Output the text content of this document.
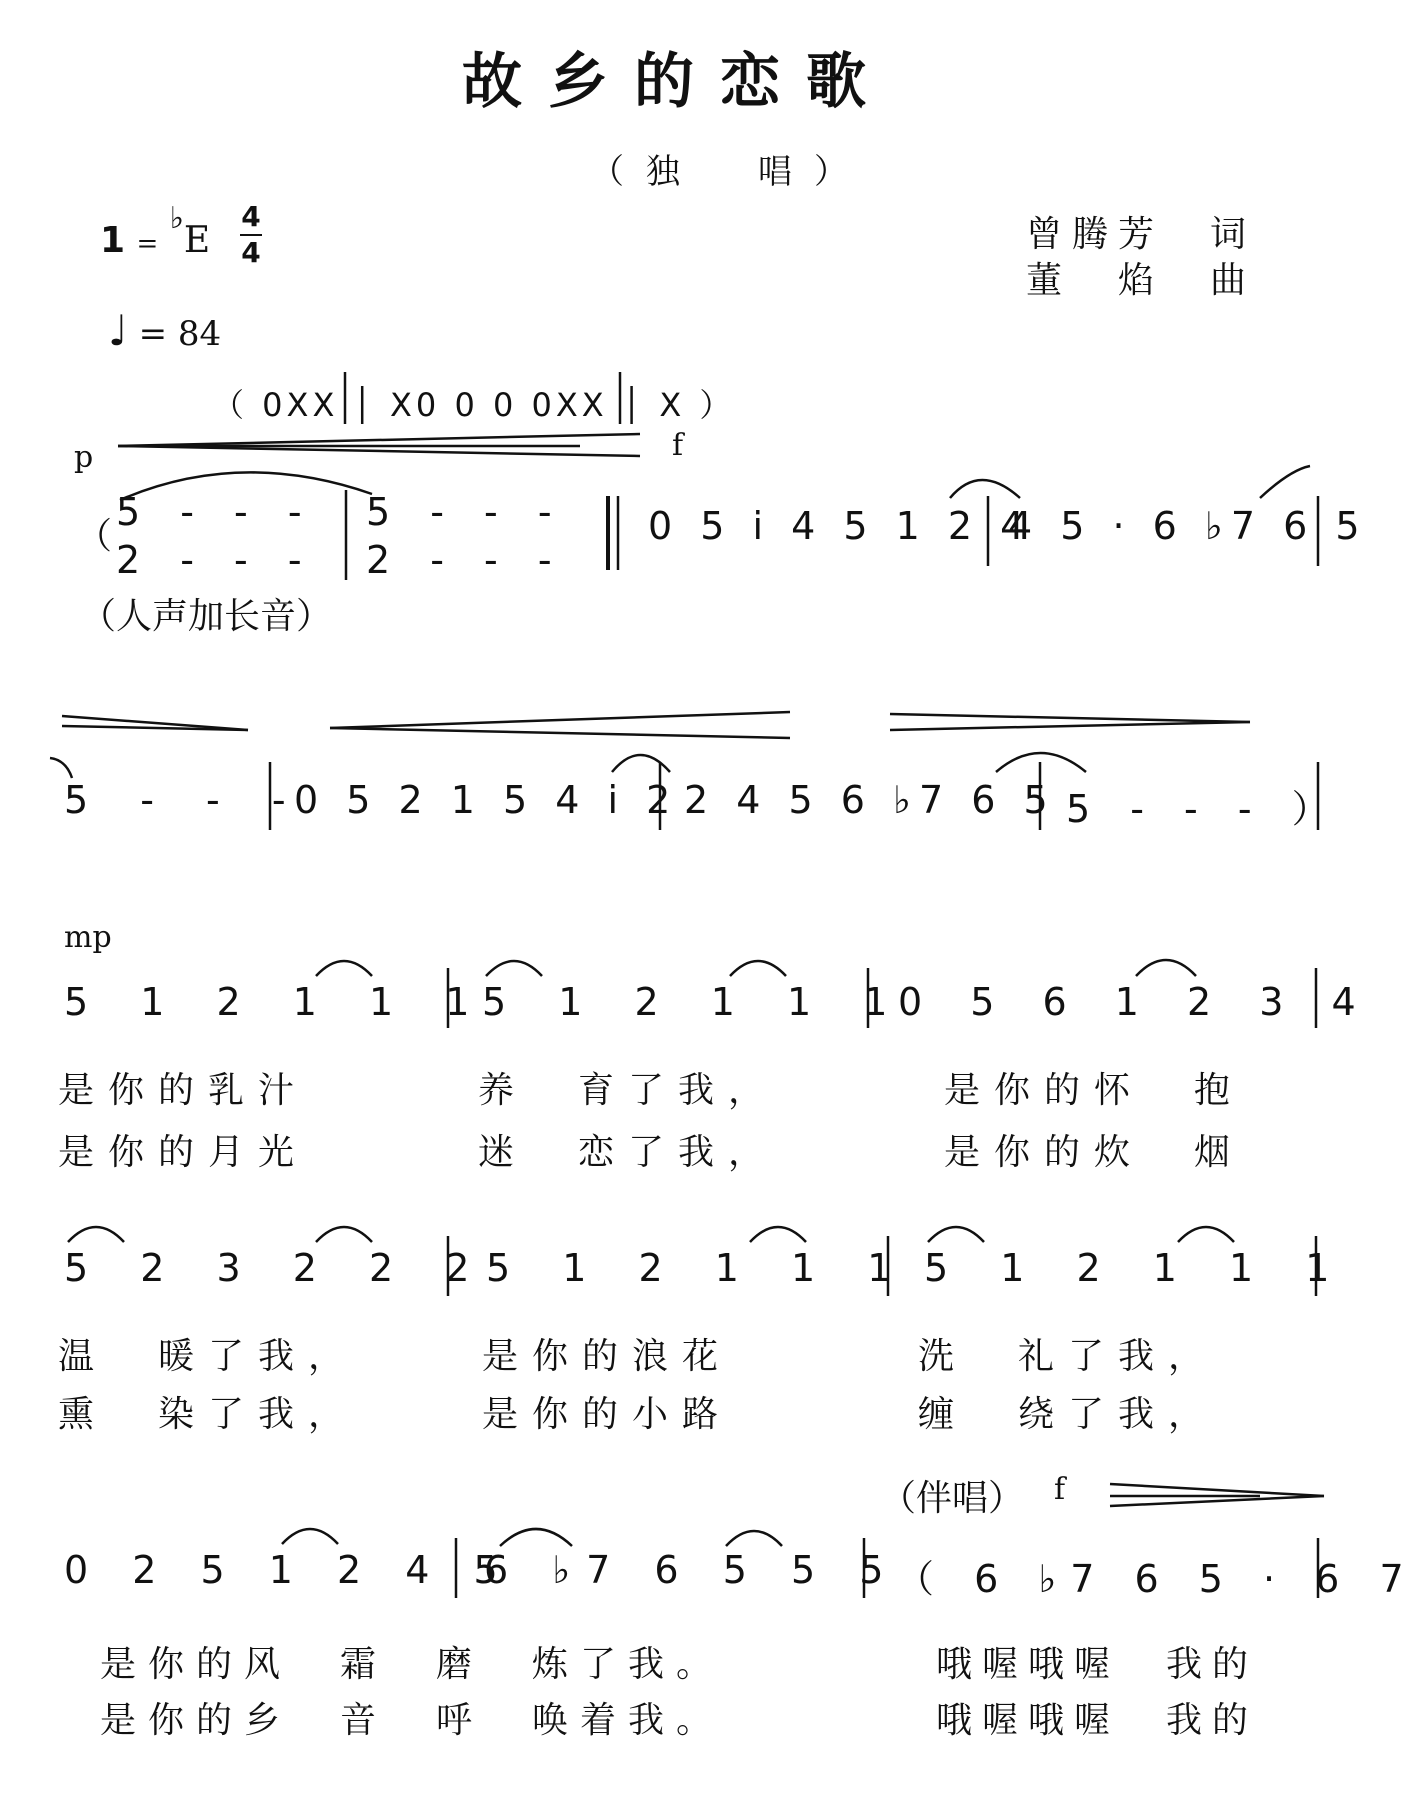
故乡的恋歌
（独　唱）
1 = ♭E
4
4
♩ = 84
曾腾芳　词
董　焰　曲
（ 0XX │ X0 0 0 0XX │ X ）
p	f
mp
（伴唱） f
（
5 - - -
2 - - -
5 - - -
2 - - -
0 5 i 4 5 1 2 4
4 5 · 6 ♭7 6 5
（人声加长音）
5 - - -
0 5 2 1 5 4 i 2 2 4 5 6 ♭7 6 5 5 - - - ）
5 1 2 1 1 1
5 1 2 1 1 1
0 5 6 1 2 3 4
是你的乳汁	养　育了我，	是你的怀　抱
是你的月光	迷　恋了我，	是你的炊　烟
5 2 3 2 2 2
5 1 2 1 1 1 5 1 2 1 1 1
温　暖了我，	是你的浪花	洗　礼了我，
熏　染了我，	是你的小路	缠　绕了我，
0 2 5 1 2 4 5
6 ♭7 6 5 5 5
（ 6 ♭7 6 5 · 6 7
是你的风　霜　磨　炼了我。	哦喔哦喔　我的
是你的乡　音　呼　唤着我。	哦喔哦喔　我的
